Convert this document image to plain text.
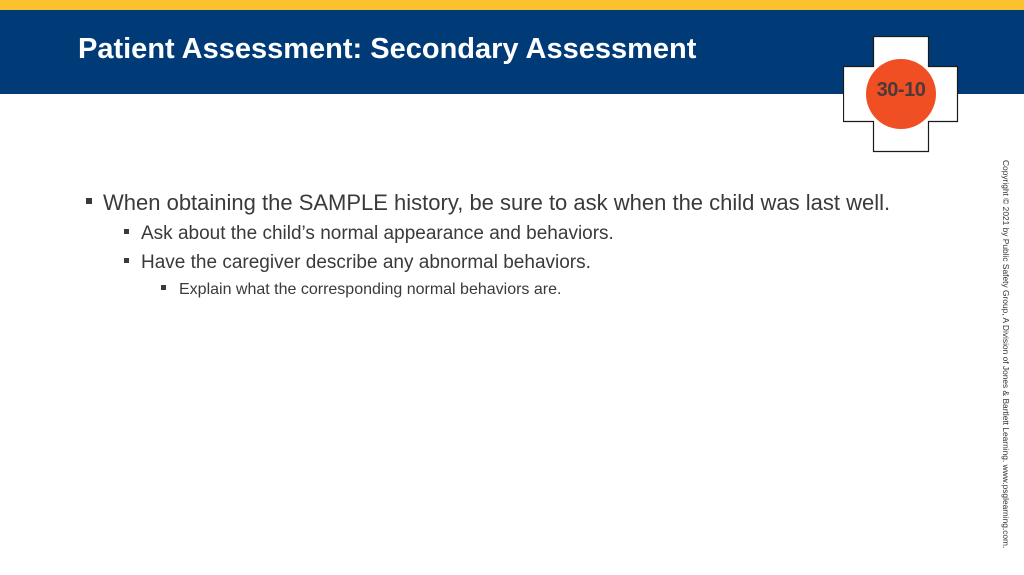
Patient Assessment: Secondary Assessment
30-10
When obtaining the SAMPLE history, be sure to ask when the child was last well.
Ask about the child’s normal appearance and behaviors.
Have the caregiver describe any abnormal behaviors.
Explain what the corresponding normal behaviors are.	Copyright © 2021 by Public Safety Group, A Division of Jones & Bartlett Learning. www.psglearning.com.
